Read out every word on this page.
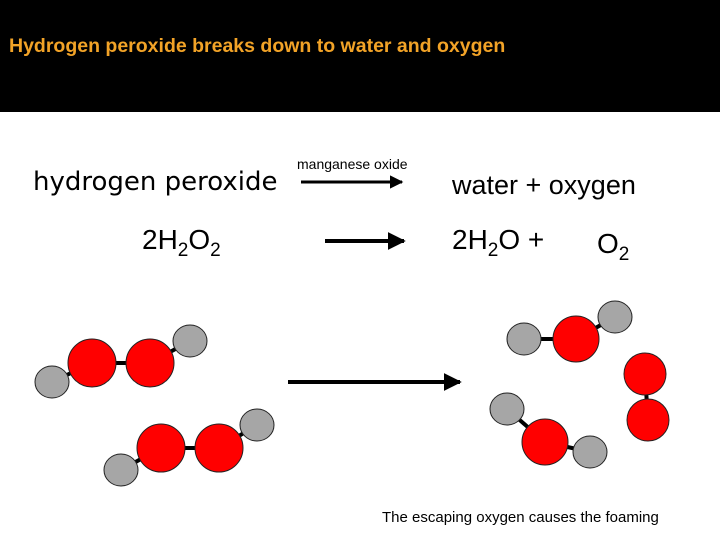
Hydrogen peroxide breaks down to water and oxygen
hydrogen peroxide
manganese oxide
water + oxygen
$2H_2O_2$	$2H_2O + O_2$
The escaping oxygen causes the foaming
